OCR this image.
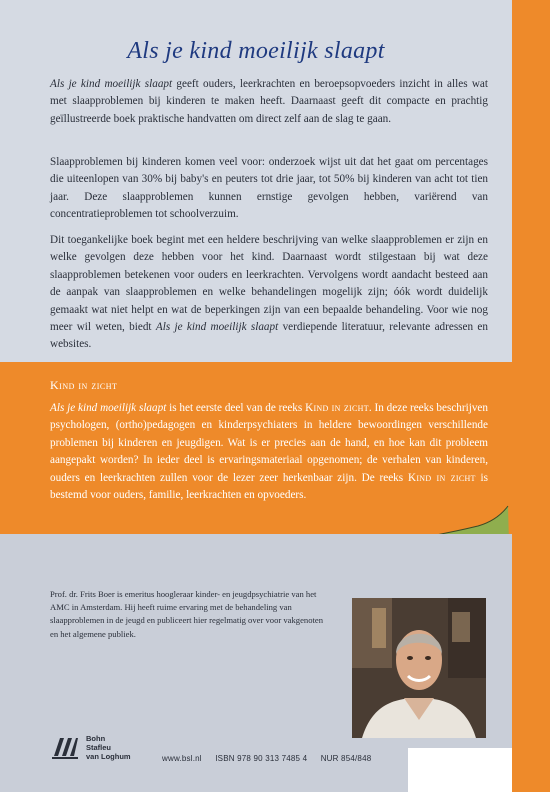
Als je kind moeilijk slaapt
Als je kind moeilijk slaapt geeft ouders, leerkrachten en beroepsopvoeders inzicht in alles wat met slaapproblemen bij kinderen te maken heeft. Daarnaast geeft dit compacte en prachtig geïllustreerde boek praktische handvatten om direct zelf aan de slag te gaan.
Slaapproblemen bij kinderen komen veel voor: onderzoek wijst uit dat het gaat om percentages die uiteenlopen van 30% bij baby's en peuters tot drie jaar, tot 50% bij kinderen van acht tot tien jaar. Deze slaapproblemen kunnen ernstige gevolgen hebben, variërend van concentratieproblemen tot schoolverzuim.
Dit toegankelijke boek begint met een heldere beschrijving van welke slaapproblemen er zijn en welke gevolgen deze hebben voor het kind. Daarnaast wordt stilgestaan bij wat deze slaapproblemen betekenen voor ouders en leerkrachten. Vervolgens wordt aandacht besteed aan de aanpak van slaapproblemen en welke behandelingen mogelijk zijn; óók wordt duidelijk gemaakt wat niet helpt en wat de beperkingen zijn van een bepaalde behandeling. Voor wie nog meer wil weten, biedt Als je kind moeilijk slaapt verdiepende literatuur, relevante adressen en websites.
Kind in zicht
Als je kind moeilijk slaapt is het eerste deel van de reeks Kind in zicht. In deze reeks beschrijven psychologen, (ortho)pedagogen en kinderpsychiaters in heldere bewoordingen verschillende problemen bij kinderen en jeugdigen. Wat is er precies aan de hand, en hoe kan dit probleem aangepakt worden? In ieder deel is ervaringsmateriaal opgenomen; de verhalen van kinderen, ouders en leerkrachten zullen voor de lezer zeer herkenbaar zijn. De reeks Kind in zicht is bestemd voor ouders, familie, leerkrachten en opvoeders.
Prof. dr. Frits Boer is emeritus hoogleraar kinder- en jeugdpsychiatrie van het AMC in Amsterdam. Hij heeft ruime ervaring met de behandeling van slaapproblemen in de jeugd en publiceert hier regelmatig over voor vakgenoten en het algemene publiek.
Bohn
Stafleu
van Loghum	www.bsl.nl ISBN 978 90 313 7485 4 NUR 854/848
